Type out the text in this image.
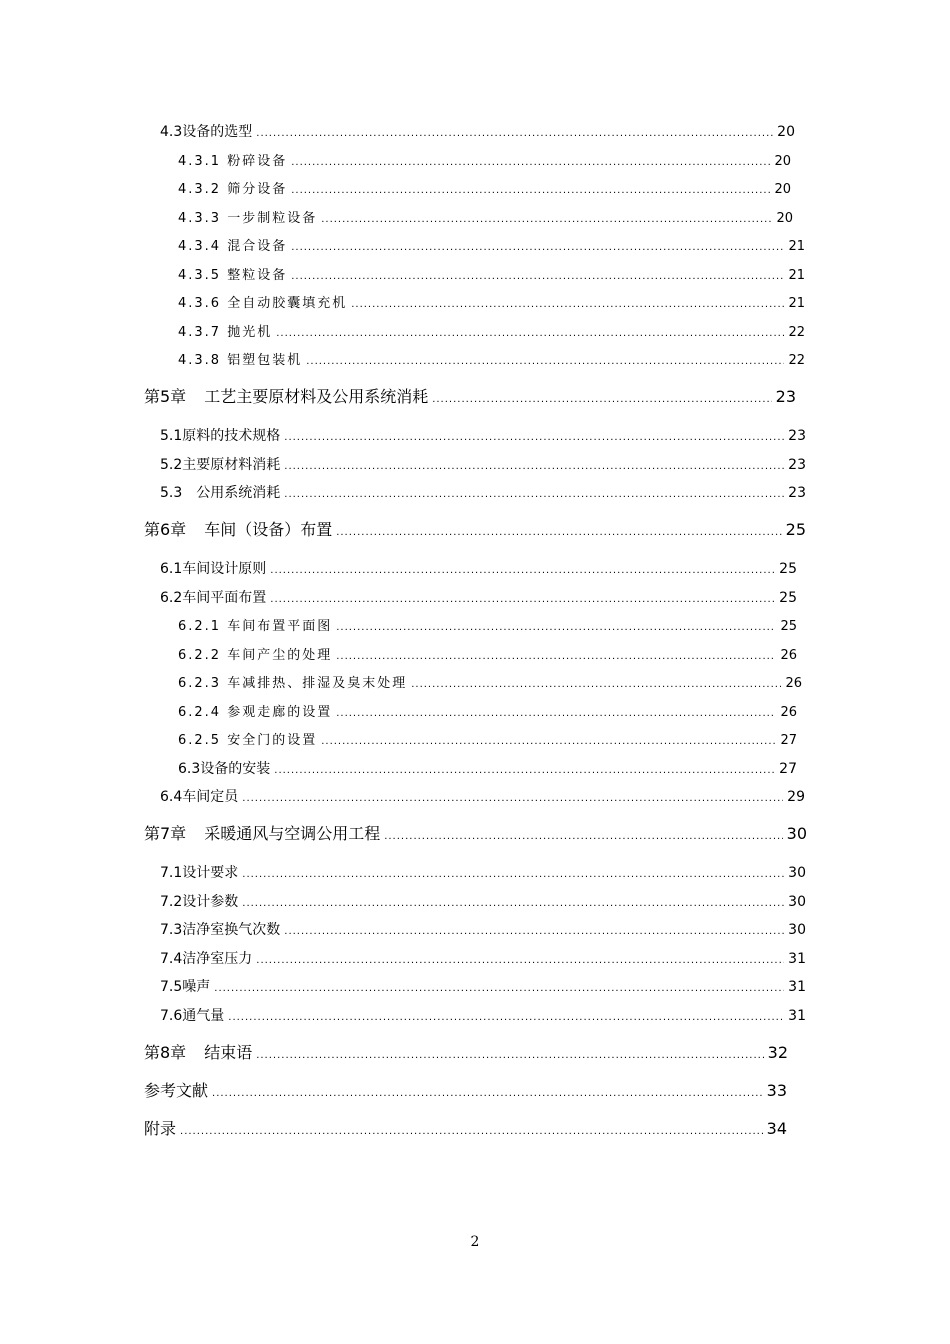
4.3设备的选型 .....	20
4.3.1 粉碎设备 .....	20
4.3.2 筛分设备 .....	20
4.3.3 一步制粒设备 .....	20
4.3.4 混合设备 .....	21
4.3.5 整粒设备 .....	21
4.3.6 全自动胶囊填充机 .....	21
4.3.7 抛光机 .....	22
4.3.8 铝塑包装机 .....	22
第5章 工艺主要原材料及公用系统消耗 .....	23
5.1原料的技术规格 .....	23
5.2主要原材料消耗 .....	23
5.3　公用系统消耗 .....	23
第6章 车间（设备）布置 .....	25
6.1车间设计原则 .....	25
6.2车间平面布置 .....	25
6.2.1 车间布置平面图 .....	25
6.2.2 车间产尘的处理 .....	26
6.2.3 车减排热、排湿及臭末处理 .....	26
6.2.4 参观走廊的设置 .....	26
6.2.5 安全门的设置 .....	27
6.3设备的安装 .....	27
6.4车间定员 .....	29
第7章 采暖通风与空调公用工程 .....	30
7.1设计要求 .....	30
7.2设计参数 .....	30
7.3洁净室换气次数 .....	30
7.4洁净室压力 .....	31
7.5噪声 .....	31
7.6通气量 .....	31
第8章 结束语 .....	32
参考文献 .....	33
附录 .....	34
2
